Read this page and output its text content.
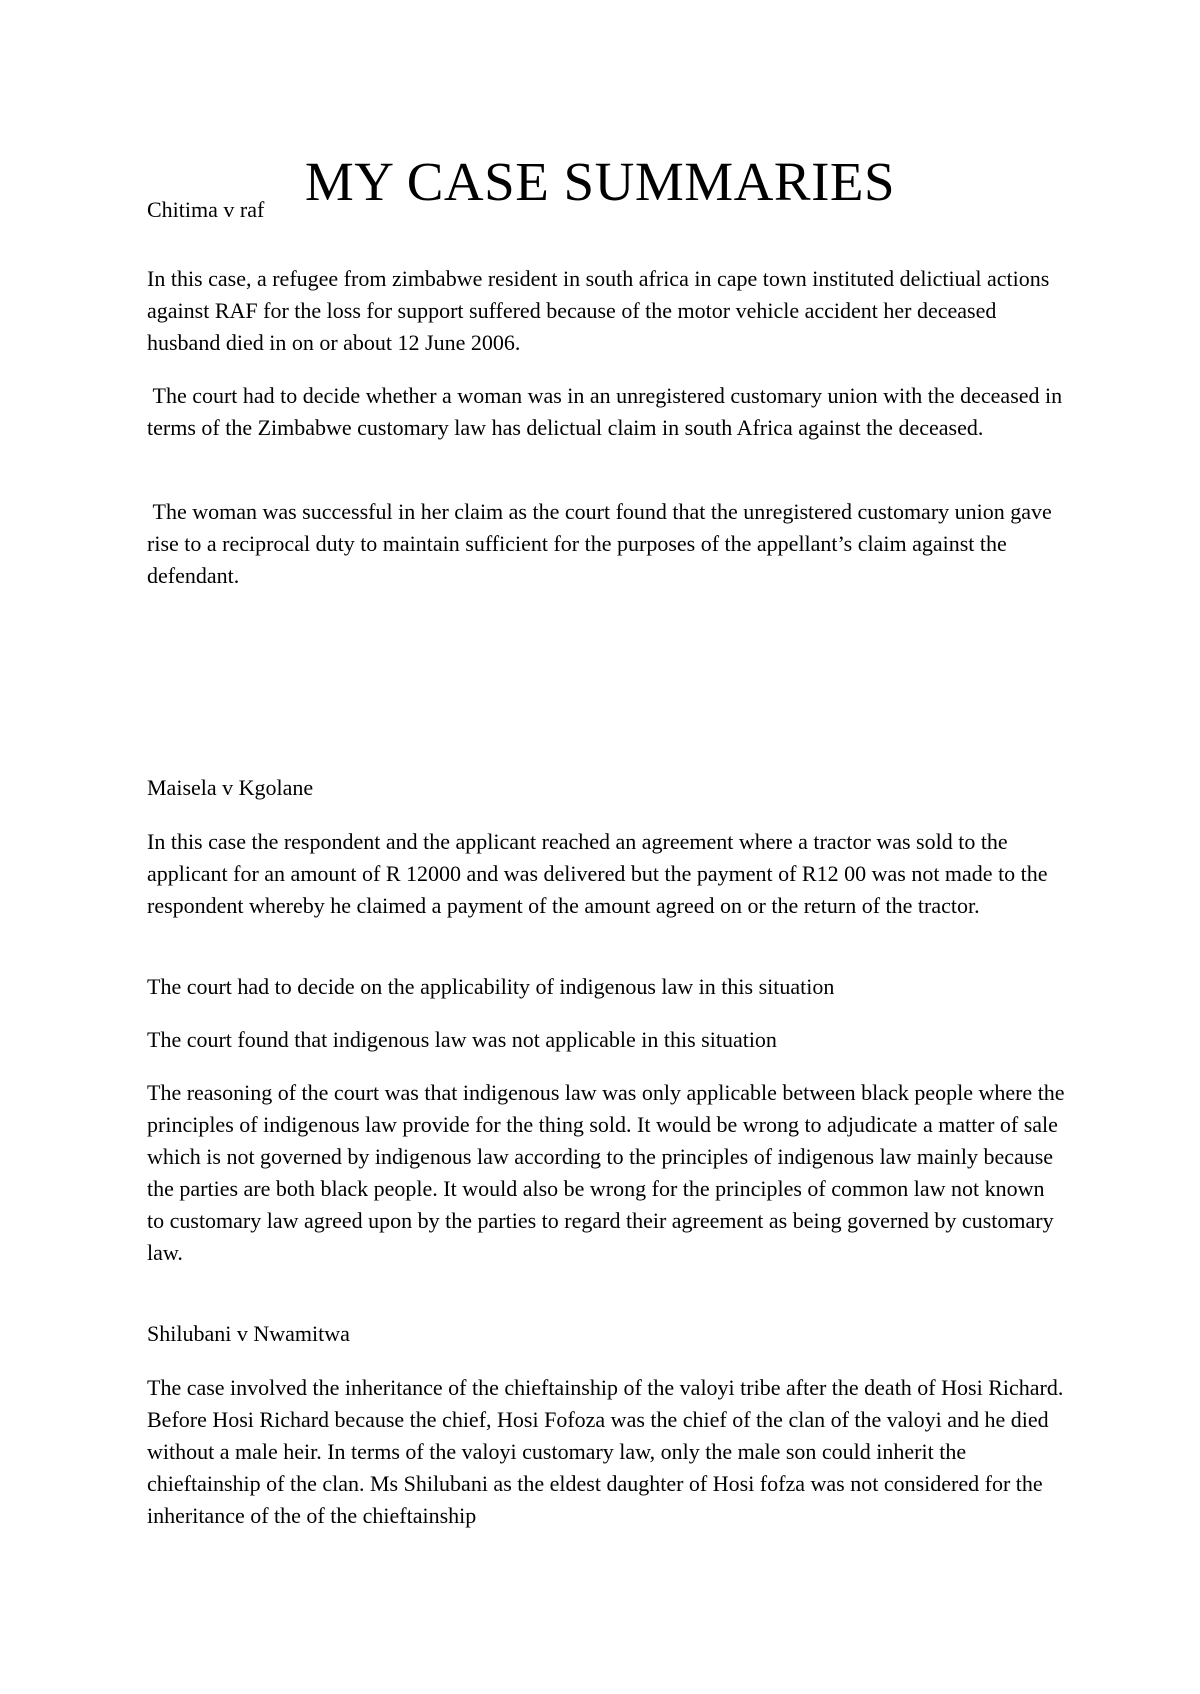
MY CASE SUMMARIES

Chitima v raf

In this case, a refugee from zimbabwe resident in south africa in cape town instituted delictiual actions against RAF for the loss for support suffered because of the motor vehicle accident her deceased husband died in on or about 12 June 2006.

The court had to decide whether a woman was in an unregistered customary union with the deceased in terms of the Zimbabwe customary law has delictual claim in south Africa against the deceased.

The woman was successful in her claim as the court found that the unregistered customary union gave rise to a reciprocal duty to maintain sufficient for the purposes of the appellant’s claim against the defendant.

Maisela v Kgolane

In this case the respondent and the applicant reached an agreement where a tractor was sold to the applicant for an amount of R 12000 and was delivered but the payment of R12 00 was not made to the respondent whereby he claimed a payment of the amount agreed on or the return of the tractor.

The court had to decide on the applicability of indigenous law in this situation

The court found that indigenous law was not applicable in this situation

The reasoning of the court was that indigenous law was only applicable between black people where the principles of indigenous law provide for the thing sold. It would be wrong to adjudicate a matter of sale which is not governed by indigenous law according to the principles of indigenous law mainly because the parties are both black people. It would also be wrong for the principles of common law not known to customary law agreed upon by the parties to regard their agreement as being governed by customary law.

Shilubani v Nwamitwa

The case involved the inheritance of the chieftainship of the valoyi tribe after the death of Hosi Richard. Before Hosi Richard because the chief, Hosi Fofoza was the chief of the clan of the valoyi and he died without a male heir. In terms of the valoyi customary law, only the male son could inherit the chieftainship of the clan. Ms Shilubani as the eldest daughter of Hosi fofza was not considered for the inheritance of the of the chieftainship
